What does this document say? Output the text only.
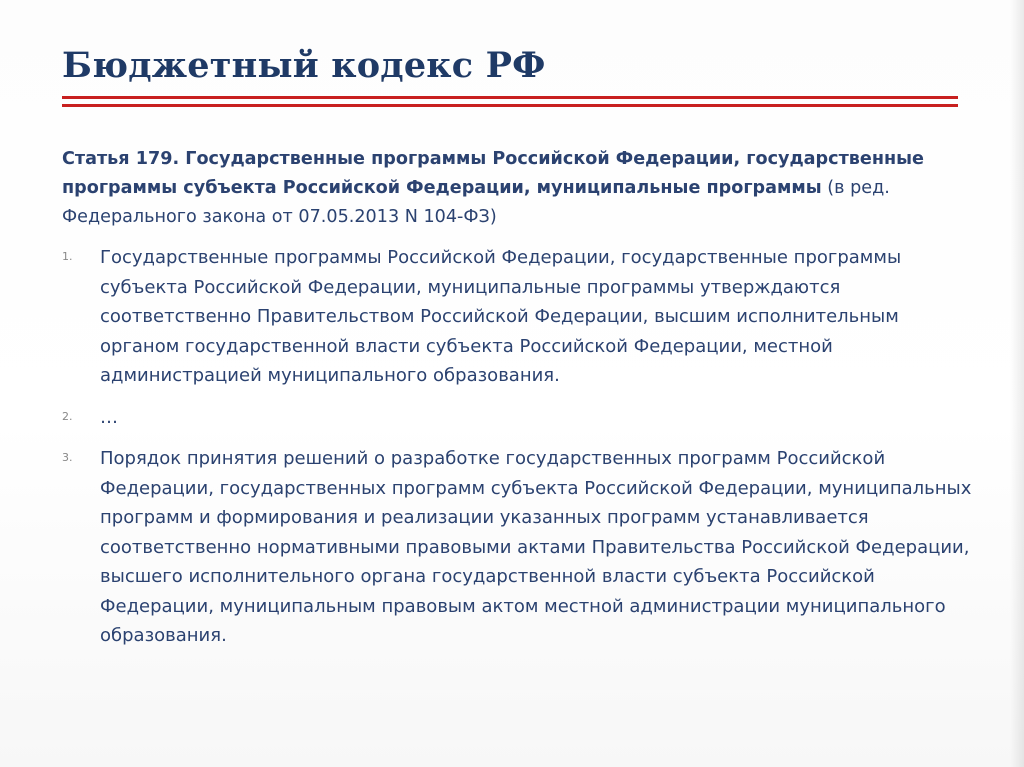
Бюджетный кодекс РФ
Статья 179. Государственные программы Российской Федерации, государственные программы субъекта Российской Федерации, муниципальные программы (в ред. Федерального закона от 07.05.2013 N 104-ФЗ)
1. Государственные программы Российской Федерации, государственные программы субъекта Российской Федерации, муниципальные программы утверждаются соответственно Правительством Российской Федерации, высшим исполнительным органом государственной власти субъекта Российской Федерации, местной администрацией муниципального образования.
2. …
3. Порядок принятия решений о разработке государственных программ Российской Федерации, государственных программ субъекта Российской Федерации, муниципальных программ и формирования и реализации указанных программ устанавливается соответственно нормативными правовыми актами Правительства Российской Федерации, высшего исполнительного органа государственной власти субъекта Российской Федерации, муниципальным правовым актом местной администрации муниципального образования.
